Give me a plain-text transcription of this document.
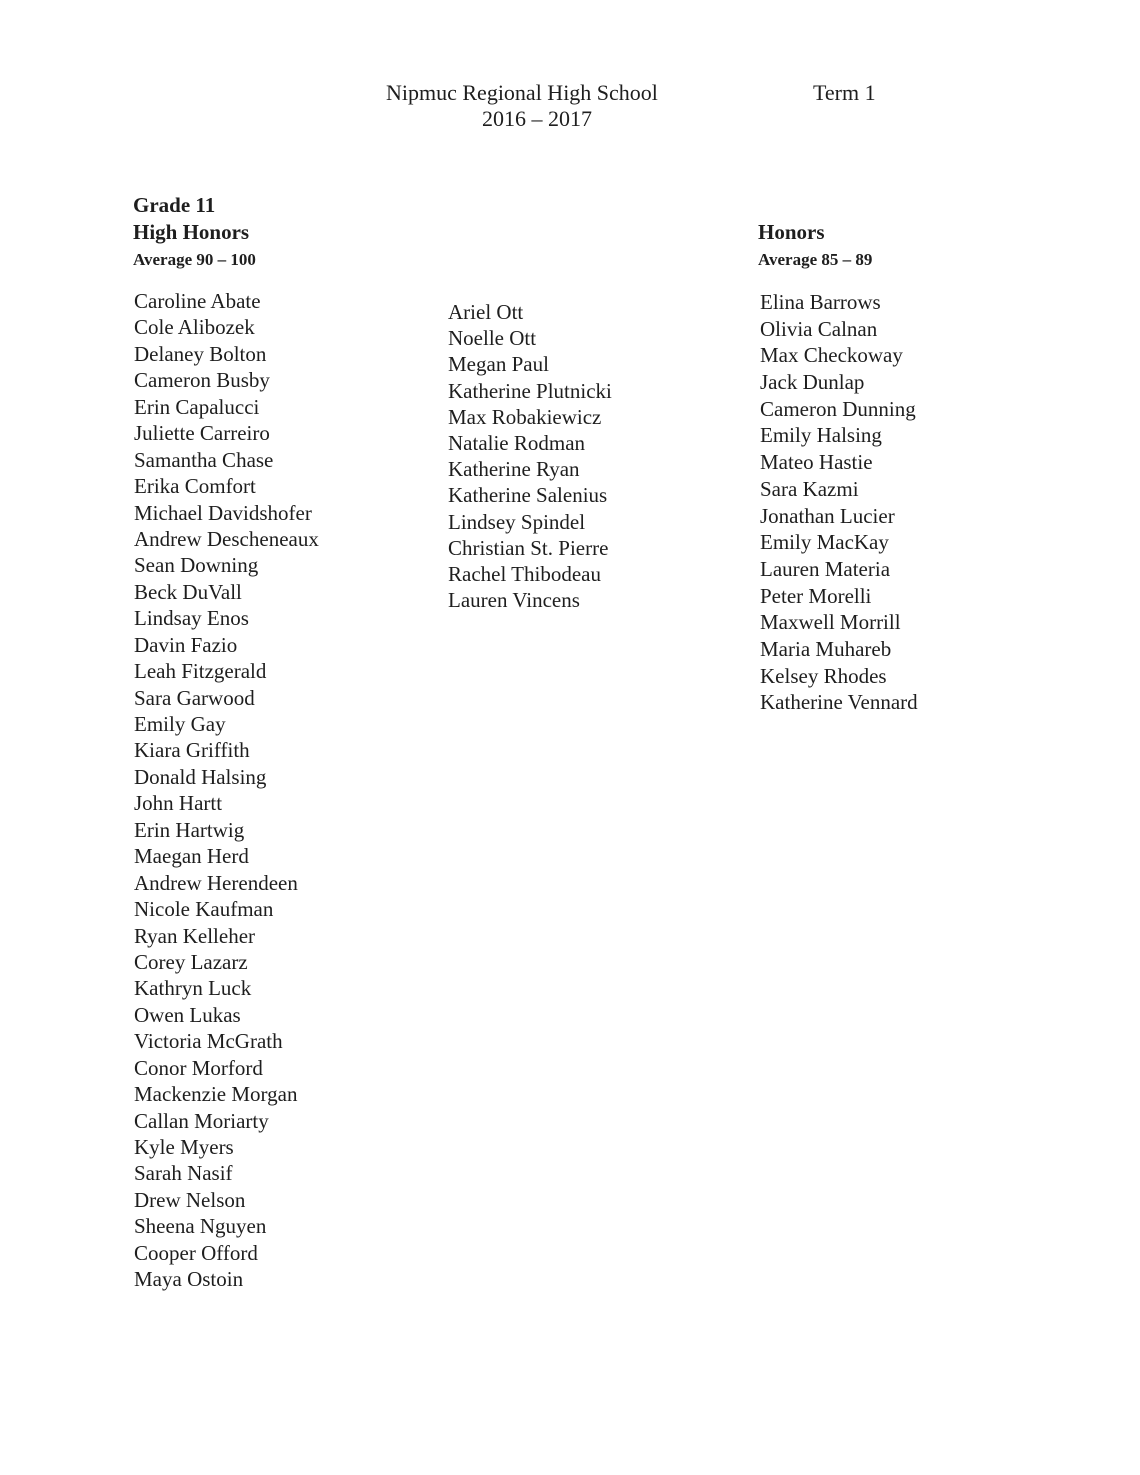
Nipmuc Regional High School	Term 1
2016 – 2017
Grade 11
High Honors
Average 90 – 100
Honors
Average 85 – 89
Caroline Abate
Cole Alibozek
Delaney Bolton
Cameron Busby
Erin Capalucci
Juliette Carreiro
Samantha Chase
Erika Comfort
Michael Davidshofer
Andrew Descheneaux
Sean Downing
Beck DuVall
Lindsay Enos
Davin Fazio
Leah Fitzgerald
Sara Garwood
Emily Gay
Kiara Griffith
Donald Halsing
John Hartt
Erin Hartwig
Maegan Herd
Andrew Herendeen
Nicole Kaufman
Ryan Kelleher
Corey Lazarz
Kathryn Luck
Owen Lukas
Victoria McGrath
Conor Morford
Mackenzie Morgan
Callan Moriarty
Kyle Myers
Sarah Nasif
Drew Nelson
Sheena Nguyen
Cooper Offord
Maya Ostoin
Ariel Ott
Noelle Ott
Megan Paul
Katherine Plutnicki
Max Robakiewicz
Natalie Rodman
Katherine Ryan
Katherine Salenius
Lindsey Spindel
Christian St. Pierre
Rachel Thibodeau
Lauren Vincens
Elina Barrows
Olivia Calnan
Max Checkoway
Jack Dunlap
Cameron Dunning
Emily Halsing
Mateo Hastie
Sara Kazmi
Jonathan Lucier
Emily MacKay
Lauren Materia
Peter Morelli
Maxwell Morrill
Maria Muhareb
Kelsey Rhodes
Katherine Vennard
